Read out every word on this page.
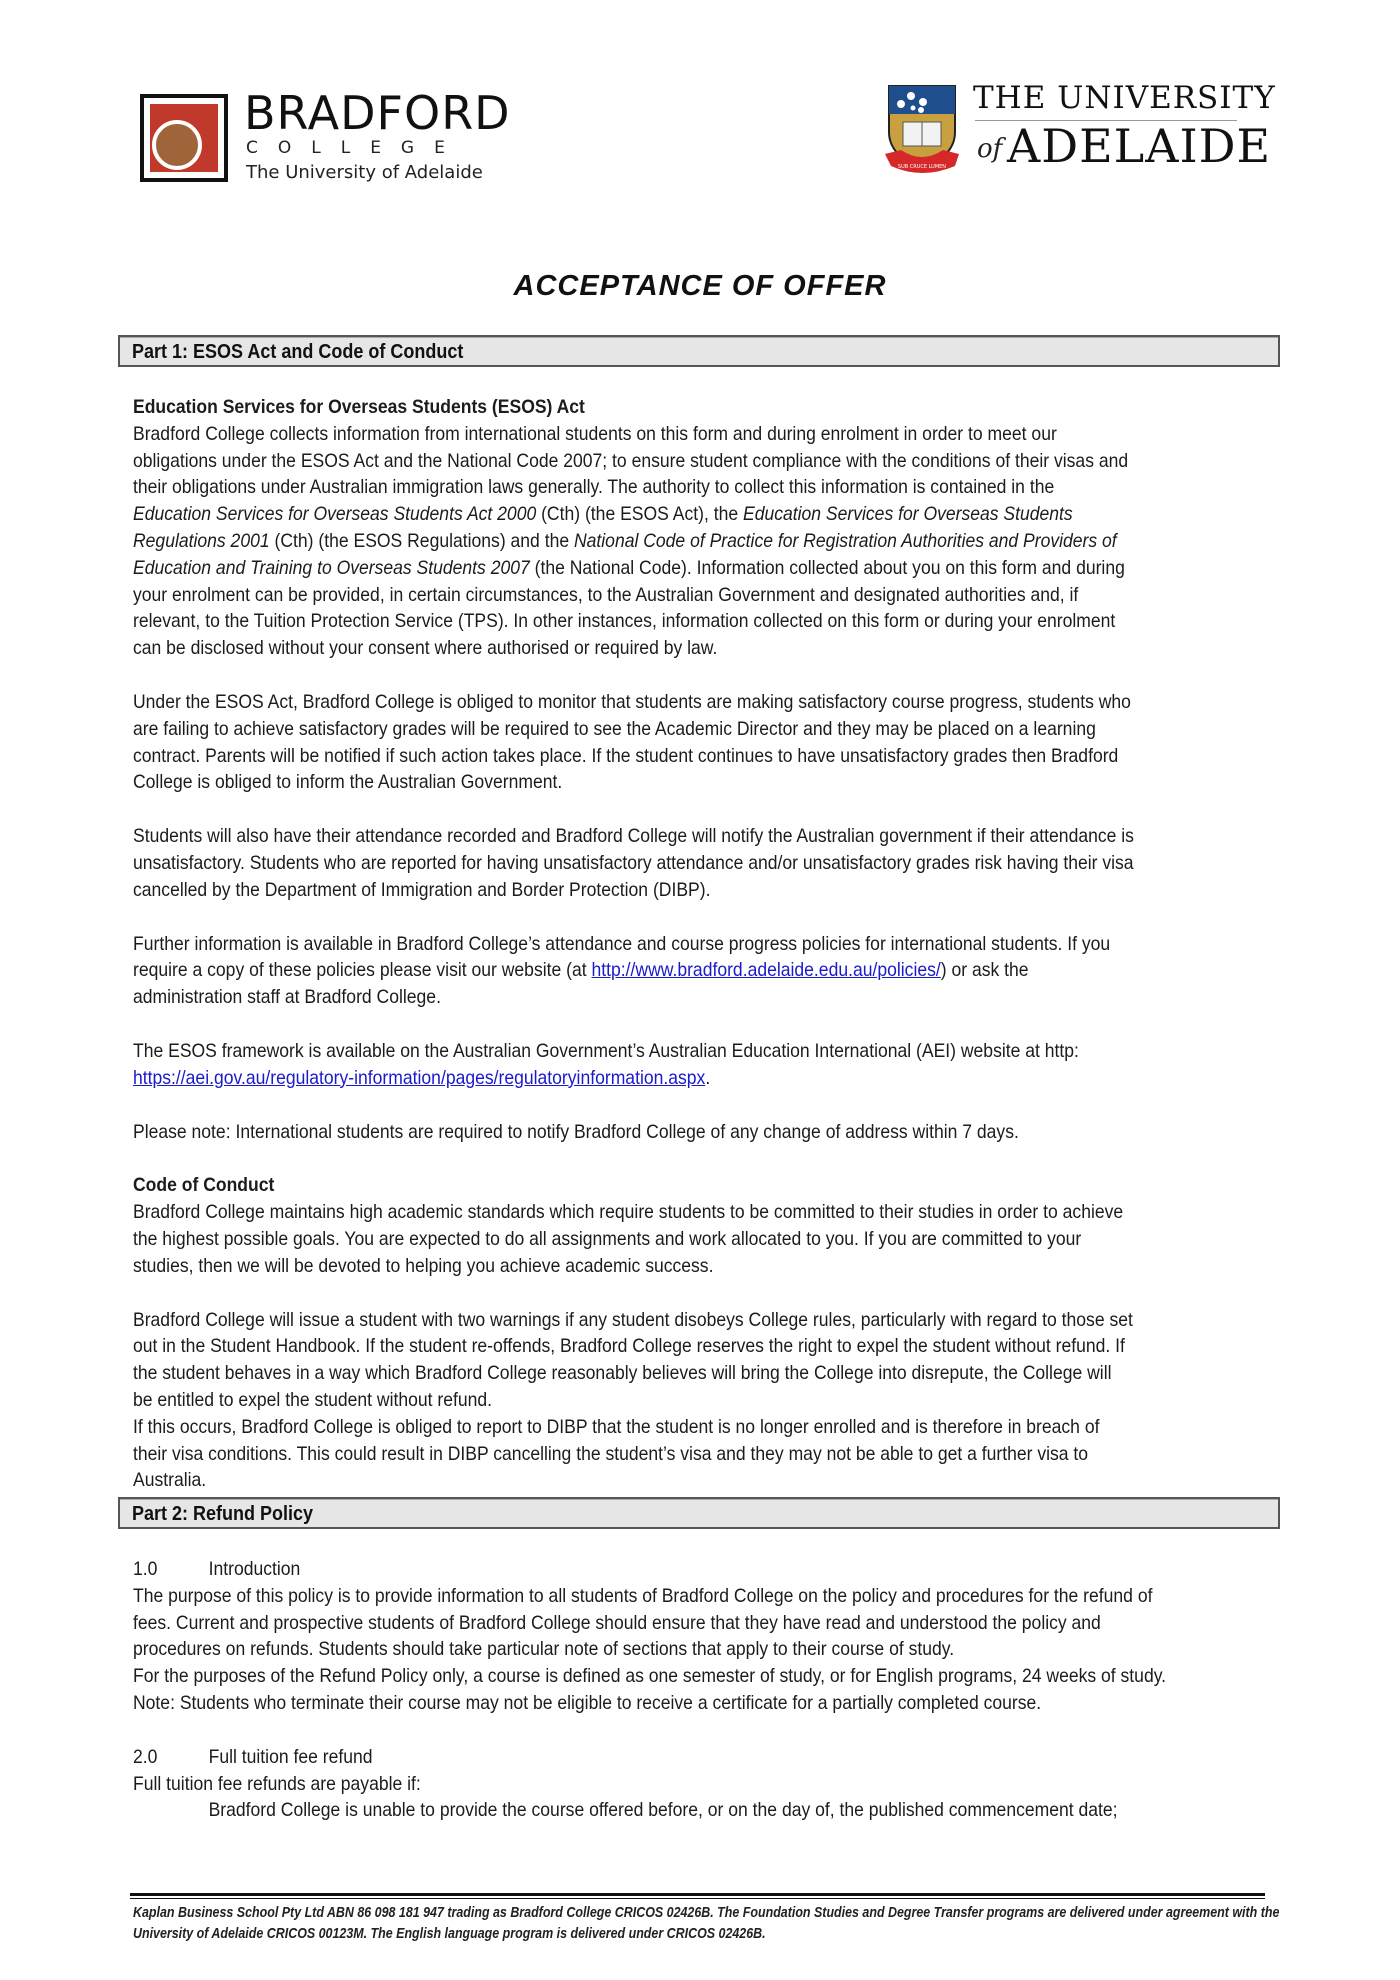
BRADFORD
COLLEGE
The University of Adelaide	SUB CRUCE LUMEN
THE UNIVERSITY
of ADELAIDE
ACCEPTANCE OF OFFER
Part 1: ESOS Act and Code of Conduct

Education Services for Overseas Students (ESOS) Act

Bradford College collects information from international students on this form and during enrolment in order to meet our obligations under the ESOS Act and the National Code 2007; to ensure student compliance with the conditions of their visas and their obligations under Australian immigration laws generally. The authority to collect this information is contained in the Education Services for Overseas Students Act 2000 (Cth) (the ESOS Act), the Education Services for Overseas Students Regulations 2001 (Cth) (the ESOS Regulations) and the National Code of Practice for Registration Authorities and Providers of Education and Training to Overseas Students 2007 (the National Code). Information collected about you on this form and during your enrolment can be provided, in certain circumstances, to the Australian Government and designated authorities and, if relevant, to the Tuition Protection Service (TPS). In other instances, information collected on this form or during your enrolment can be disclosed without your consent where authorised or required by law.

Under the ESOS Act, Bradford College is obliged to monitor that students are making satisfactory course progress, students who are failing to achieve satisfactory grades will be required to see the Academic Director and they may be placed on a learning contract. Parents will be notified if such action takes place. If the student continues to have unsatisfactory grades then Bradford College is obliged to inform the Australian Government.

Students will also have their attendance recorded and Bradford College will notify the Australian government if their attendance is unsatisfactory. Students who are reported for having unsatisfactory attendance and/or unsatisfactory grades risk having their visa cancelled by the Department of Immigration and Border Protection (DIBP).

Further information is available in Bradford College’s attendance and course progress policies for international students. If you require a copy of these policies please visit our website (at http://www.bradford.adelaide.edu.au/policies/) or ask the administration staff at Bradford College.

The ESOS framework is available on the Australian Government’s Australian Education International (AEI) website at http: https://aei.gov.au/regulatory-information/pages/regulatoryinformation.aspx.

Please note: International students are required to notify Bradford College of any change of address within 7 days.

Code of Conduct

Bradford College maintains high academic standards which require students to be committed to their studies in order to achieve the highest possible goals. You are expected to do all assignments and work allocated to you. If you are committed to your studies, then we will be devoted to helping you achieve academic success.

Bradford College will issue a student with two warnings if any student disobeys College rules, particularly with regard to those set out in the Student Handbook. If the student re-offends, Bradford College reserves the right to expel the student without refund. If the student behaves in a way which Bradford College reasonably believes will bring the College into disrepute, the College will be entitled to expel the student without refund.

If this occurs, Bradford College is obliged to report to DIBP that the student is no longer enrolled and is therefore in breach of their visa conditions. This could result in DIBP cancelling the student’s visa and they may not be able to get a further visa to Australia.

Part 2: Refund Policy

1.0	Introduction

The purpose of this policy is to provide information to all students of Bradford College on the policy and procedures for the refund of fees. Current and prospective students of Bradford College should ensure that they have read and understood the policy and procedures on refunds. Students should take particular note of sections that apply to their course of study.

For the purposes of the Refund Policy only, a course is defined as one semester of study, or for English programs, 24 weeks of study.

Note: Students who terminate their course may not be eligible to receive a certificate for a partially completed course.

2.0	Full tuition fee refund

Full tuition fee refunds are payable if:

Bradford College is unable to provide the course offered before, or on the day of, the published commencement date;

Kaplan Business School Pty Ltd ABN 86 098 181 947 trading as Bradford College CRICOS 02426B. The Foundation Studies and Degree Transfer programs are delivered under agreement with the University of Adelaide CRICOS 00123M. The English language program is delivered under CRICOS 02426B.
